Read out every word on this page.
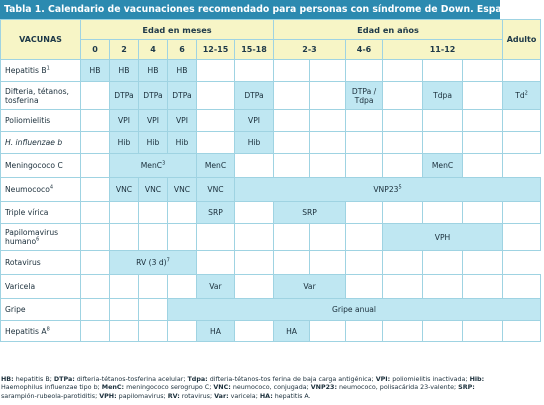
Tabla 1. Calendario de vacunaciones recomendado para personas con síndrome de Down. España 2014
VACUNAS	Edad en meses						Edad en años						Adulto
	0	2	4	6	12-15	15-18	2-3		4-6	11-12			
Hepatitis $B^1$	HB	HB	HB	HB									
Difteria, tétanos, tosferina		DTPa	DTPa	DTPa		DTPa			DTPa / Tdpa		Tdpa		Td$^2$
Poliomielitis		VPI	VPI	VPI		VPI							
H. influenzae b		Hib	Hib	Hib		Hib							
Meningococo C		MenC$^3$			MenC						MenC		
Neumococo$^4$		VNC	VNC	VNC	VNC	$VNP23^5$
Triple vírica					SRP		SRP						
Papilomavirus humano$^6$										VPH			
Rotavirus		RV (3 d)$^7$								
Varicela					Var		Var						
Gripe				Gripe anual									
Hepatitis $A^8$					HA		HA						
HB: hepatitis B; DTPa: difteria-tétanos-tosferina acelular; Tdpa: difteria-tétanos-tos ferina de baja carga antigénica; VPI: poliomielitis inactivada; Hib: Haemophilus influenzae tipo b; MenC: meningococo serogrupo C; VNC: neumococo, conjugada; VNP23: neumococo, polisacárida 23-valente; SRP: sarampión-rubeola-parotiditis; VPH: papilomavirus; RV: rotavirus; Var: varicela; HA: hepatitis A.
